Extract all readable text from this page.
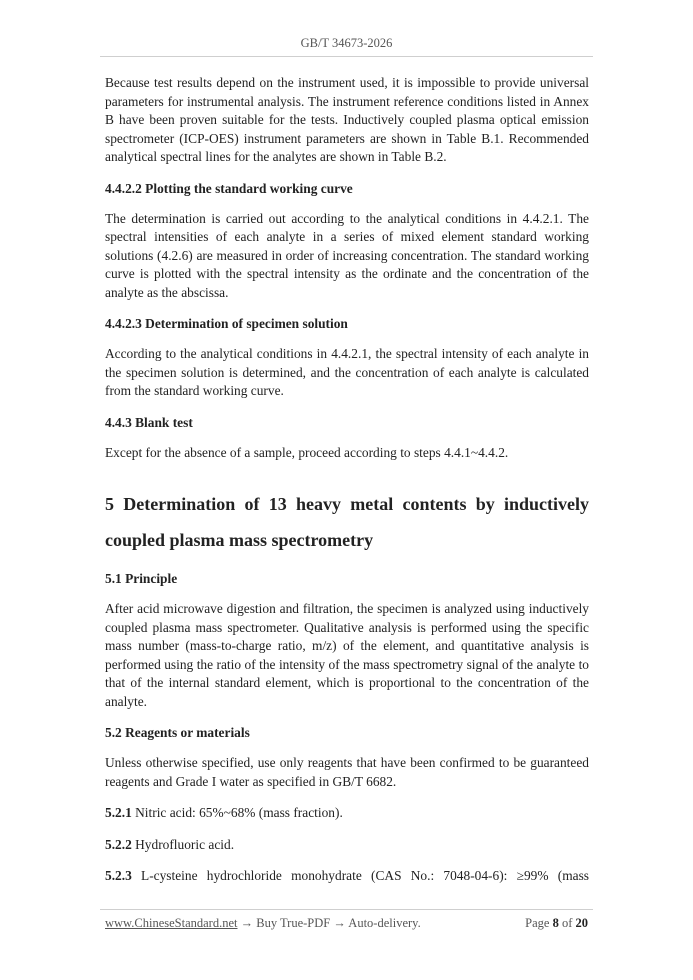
GB/T 34673-2026

Because test results depend on the instrument used, it is impossible to provide universal parameters for instrumental analysis. The instrument reference conditions listed in Annex B have been proven suitable for the tests. Inductively coupled plasma optical emission spectrometer (ICP-OES) instrument parameters are shown in Table B.1. Recommended analytical spectral lines for the analytes are shown in Table B.2.

4.4.2.2 Plotting the standard working curve

The determination is carried out according to the analytical conditions in 4.4.2.1. The spectral intensities of each analyte in a series of mixed element standard working solutions (4.2.6) are measured in order of increasing concentration. The standard working curve is plotted with the spectral intensity as the ordinate and the concentration of the analyte as the abscissa.

4.4.2.3 Determination of specimen solution

According to the analytical conditions in 4.4.2.1, the spectral intensity of each analyte in the specimen solution is determined, and the concentration of each analyte is calculated from the standard working curve.

4.4.3 Blank test

Except for the absence of a sample, proceed according to steps 4.4.1~4.4.2.

5 Determination of 13 heavy metal contents by inductively coupled plasma mass spectrometry
5.1 Principle

After acid microwave digestion and filtration, the specimen is analyzed using inductively coupled plasma mass spectrometer. Qualitative analysis is performed using the specific mass number (mass-to-charge ratio, m/z) of the element, and quantitative analysis is performed using the ratio of the intensity of the mass spectrometry signal of the analyte to that of the internal standard element, which is proportional to the concentration of the analyte.

5.2 Reagents or materials

Unless otherwise specified, use only reagents that have been confirmed to be guaranteed reagents and Grade I water as specified in GB/T 6682.

5.2.1 Nitric acid: 65%~68% (mass fraction).

5.2.2 Hydrofluoric acid.

5.2.3 L-cysteine hydrochloride monohydrate (CAS No.: 7048-04-6): ≥99% (mass

www.ChineseStandard.net → Buy True-PDF → Auto-delivery.	Page 8 of 20
